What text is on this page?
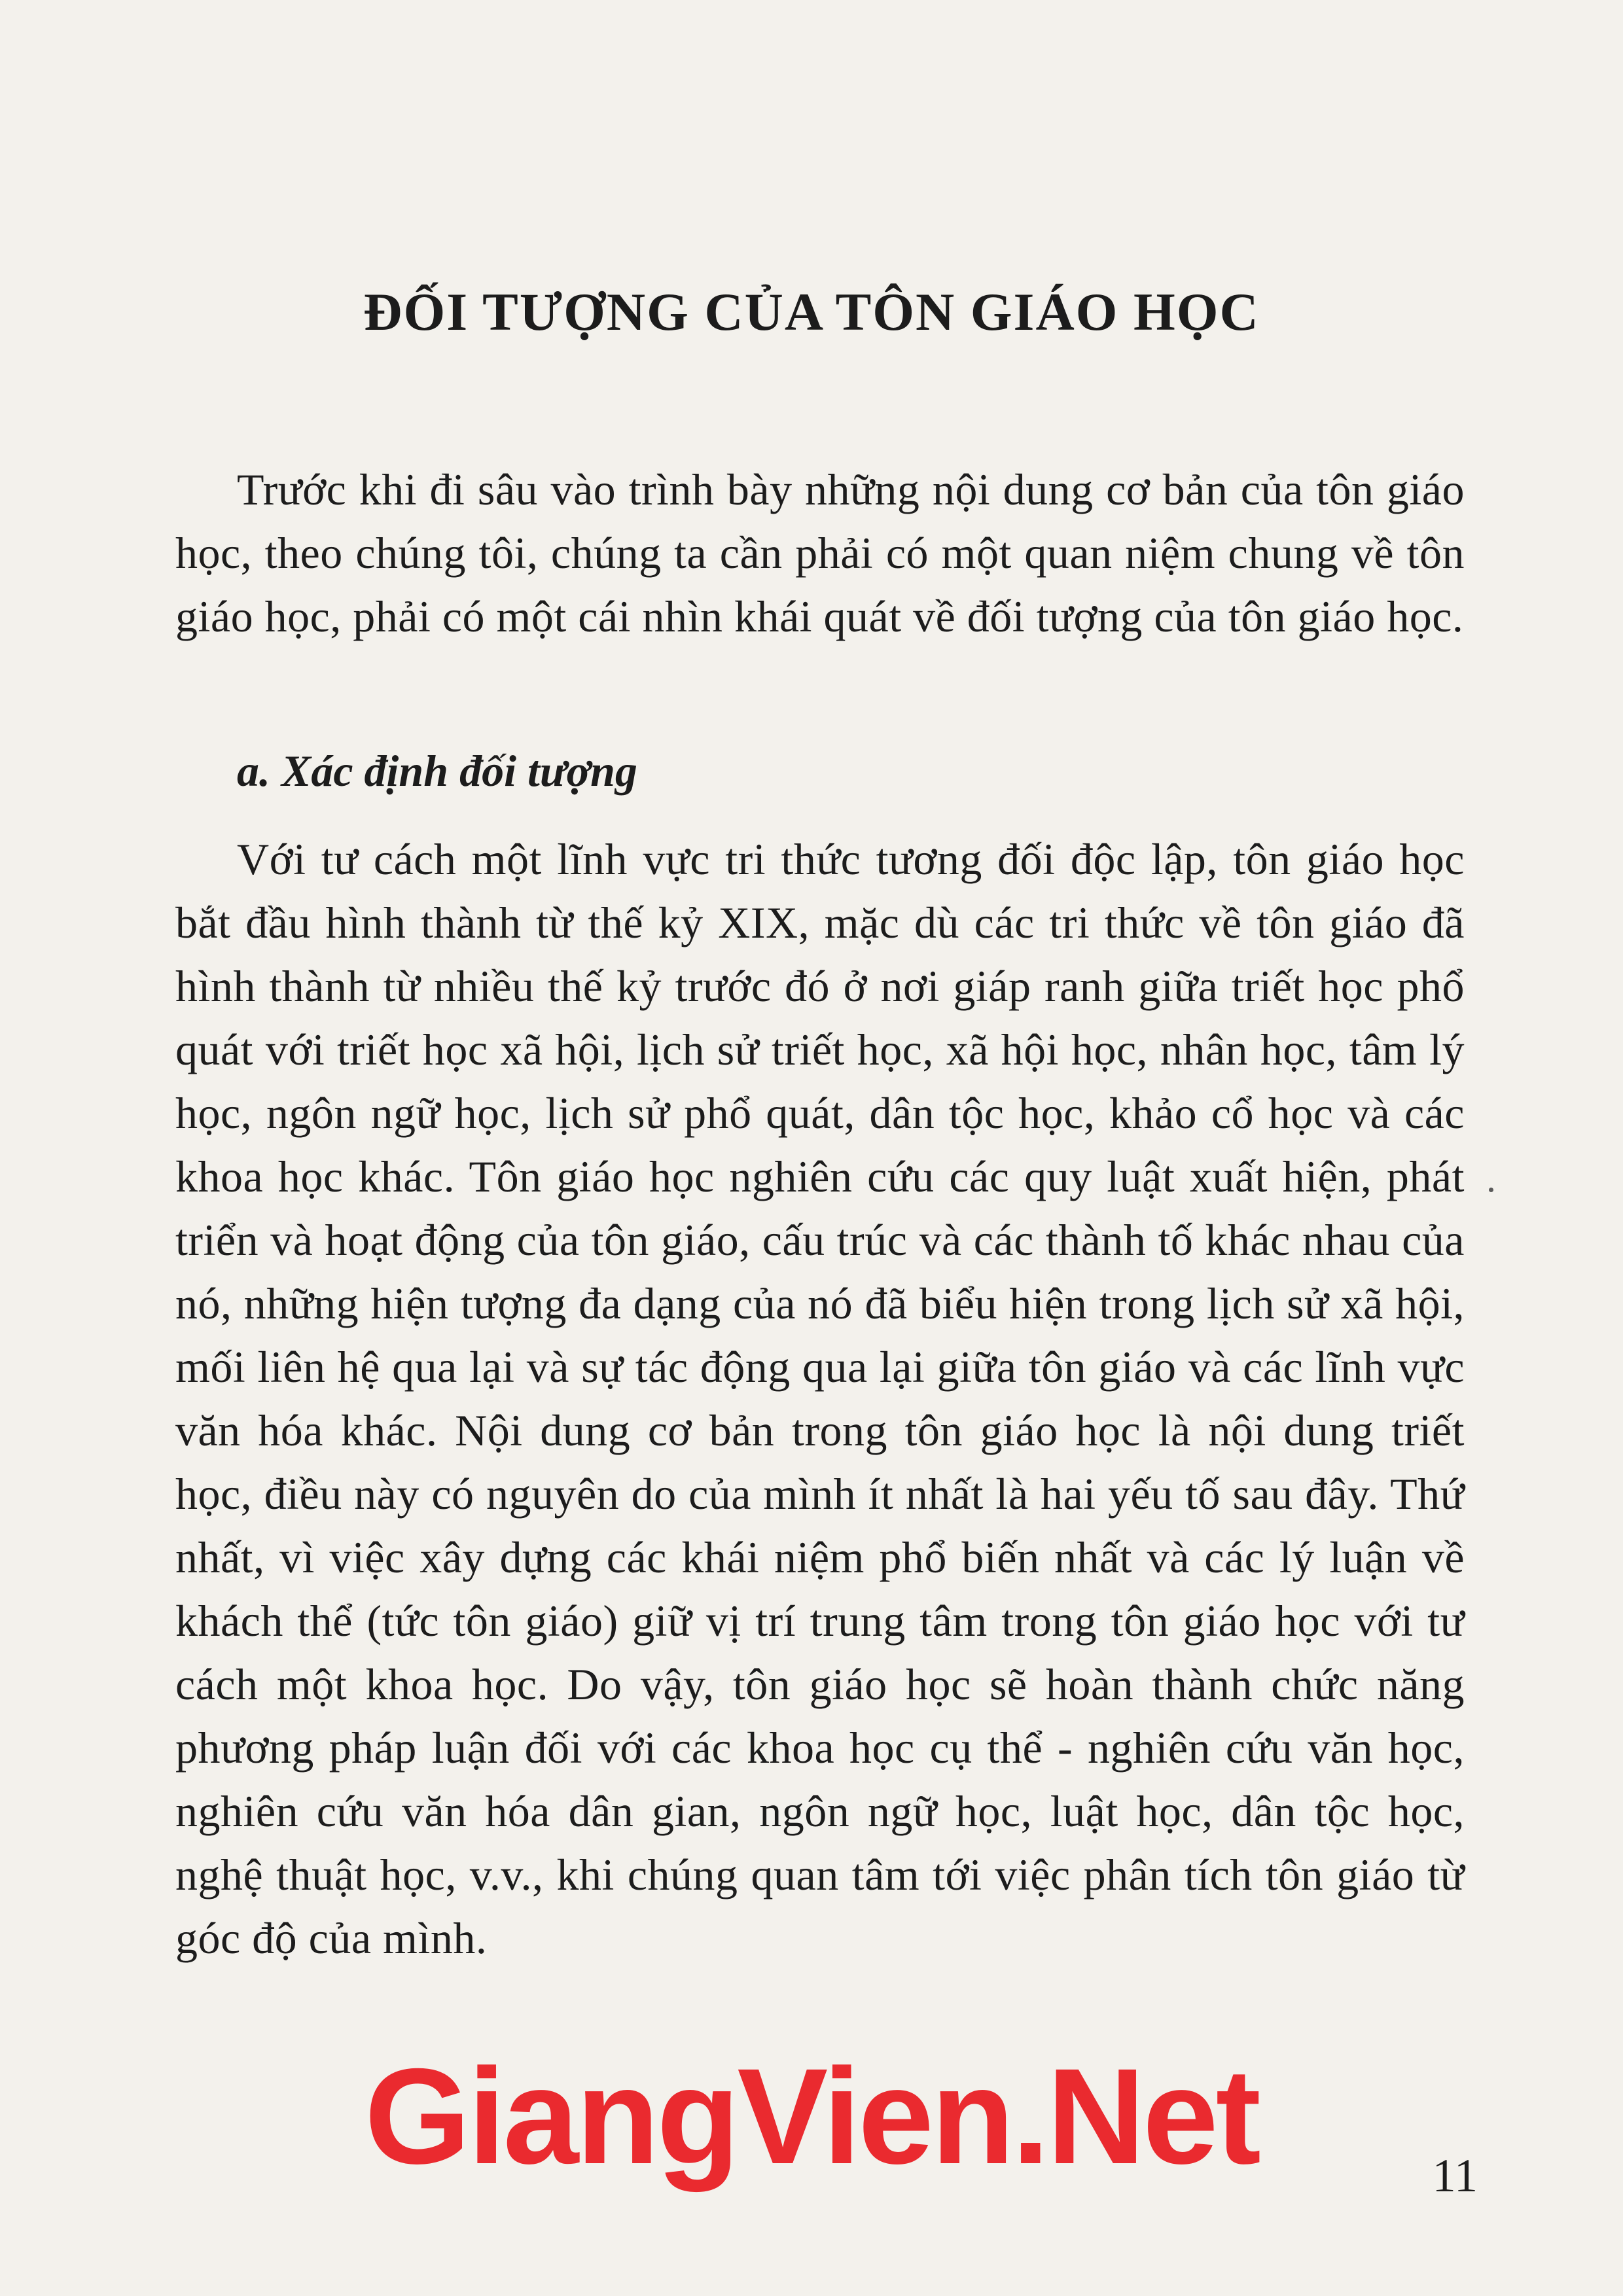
ĐỐI TƯỢNG CỦA TÔN GIÁO HỌC

Trước khi đi sâu vào trình bày những nội dung cơ bản của tôn giáo học, theo chúng tôi, chúng ta cần phải có một quan niệm chung về tôn giáo học, phải có một cái nhìn khái quát về đối tượng của tôn giáo học.

a. Xác định đối tượng

Với tư cách một lĩnh vực tri thức tương đối độc lập, tôn giáo học bắt đầu hình thành từ thế kỷ XIX, mặc dù các tri thức về tôn giáo đã hình thành từ nhiều thế kỷ trước đó ở nơi giáp ranh giữa triết học phổ quát với triết học xã hội, lịch sử triết học, xã hội học, nhân học, tâm lý học, ngôn ngữ học, lịch sử phổ quát, dân tộc học, khảo cổ học và các khoa học khác. Tôn giáo học nghiên cứu các quy luật xuất hiện, phát triển và hoạt động của tôn giáo, cấu trúc và các thành tố khác nhau của nó, những hiện tượng đa dạng của nó đã biểu hiện trong lịch sử xã hội, mối liên hệ qua lại và sự tác động qua lại giữa tôn giáo và các lĩnh vực văn hóa khác. Nội dung cơ bản trong tôn giáo học là nội dung triết học, điều này có nguyên do của mình ít nhất là hai yếu tố sau đây. Thứ nhất, vì việc xây dựng các khái niệm phổ biến nhất và các lý luận về khách thể (tức tôn giáo) giữ vị trí trung tâm trong tôn giáo học với tư cách một khoa học. Do vậy, tôn giáo học sẽ hoàn thành chức năng phương pháp luận đối với các khoa học cụ thể - nghiên cứu văn học, nghiên cứu văn hóa dân gian, ngôn ngữ học, luật học, dân tộc học, nghệ thuật học, v.v., khi chúng quan tâm tới việc phân tích tôn giáo từ góc độ của mình.

GiangVien.Net	11
